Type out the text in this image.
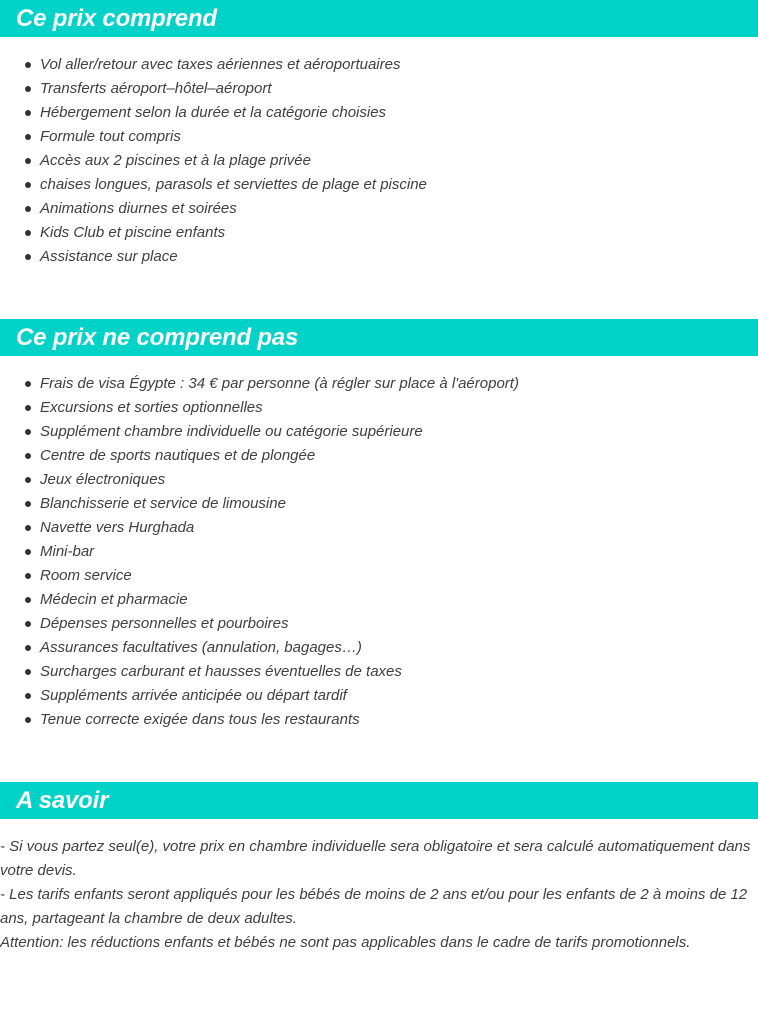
Ce prix comprend
Vol aller/retour avec taxes aériennes et aéroportuaires
Transferts aéroport–hôtel–aéroport
Hébergement selon la durée et la catégorie choisies
Formule tout compris
Accès aux 2 piscines et à la plage privée
chaises longues, parasols et serviettes de plage et piscine
Animations diurnes et soirées
Kids Club et piscine enfants
Assistance sur place
Ce prix ne comprend pas
Frais de visa Égypte : 34 € par personne (à régler sur place à l'aéroport)
Excursions et sorties optionnelles
Supplément chambre individuelle ou catégorie supérieure
Centre de sports nautiques et de plongée
Jeux électroniques
Blanchisserie et service de limousine
Navette vers Hurghada
Mini-bar
Room service
Médecin et pharmacie
Dépenses personnelles et pourboires
Assurances facultatives (annulation, bagages…)
Surcharges carburant et hausses éventuelles de taxes
Suppléments arrivée anticipée ou départ tardif
Tenue correcte exigée dans tous les restaurants
A savoir

- Si vous partez seul(e), votre prix en chambre individuelle sera obligatoire et sera calculé automatiquement dans votre devis.

- Les tarifs enfants seront appliqués pour les bébés de moins de 2 ans et/ou pour les enfants de 2 à moins de 12 ans, partageant la chambre de deux adultes.

Attention: les réductions enfants et bébés ne sont pas applicables dans le cadre de tarifs promotionnels.
